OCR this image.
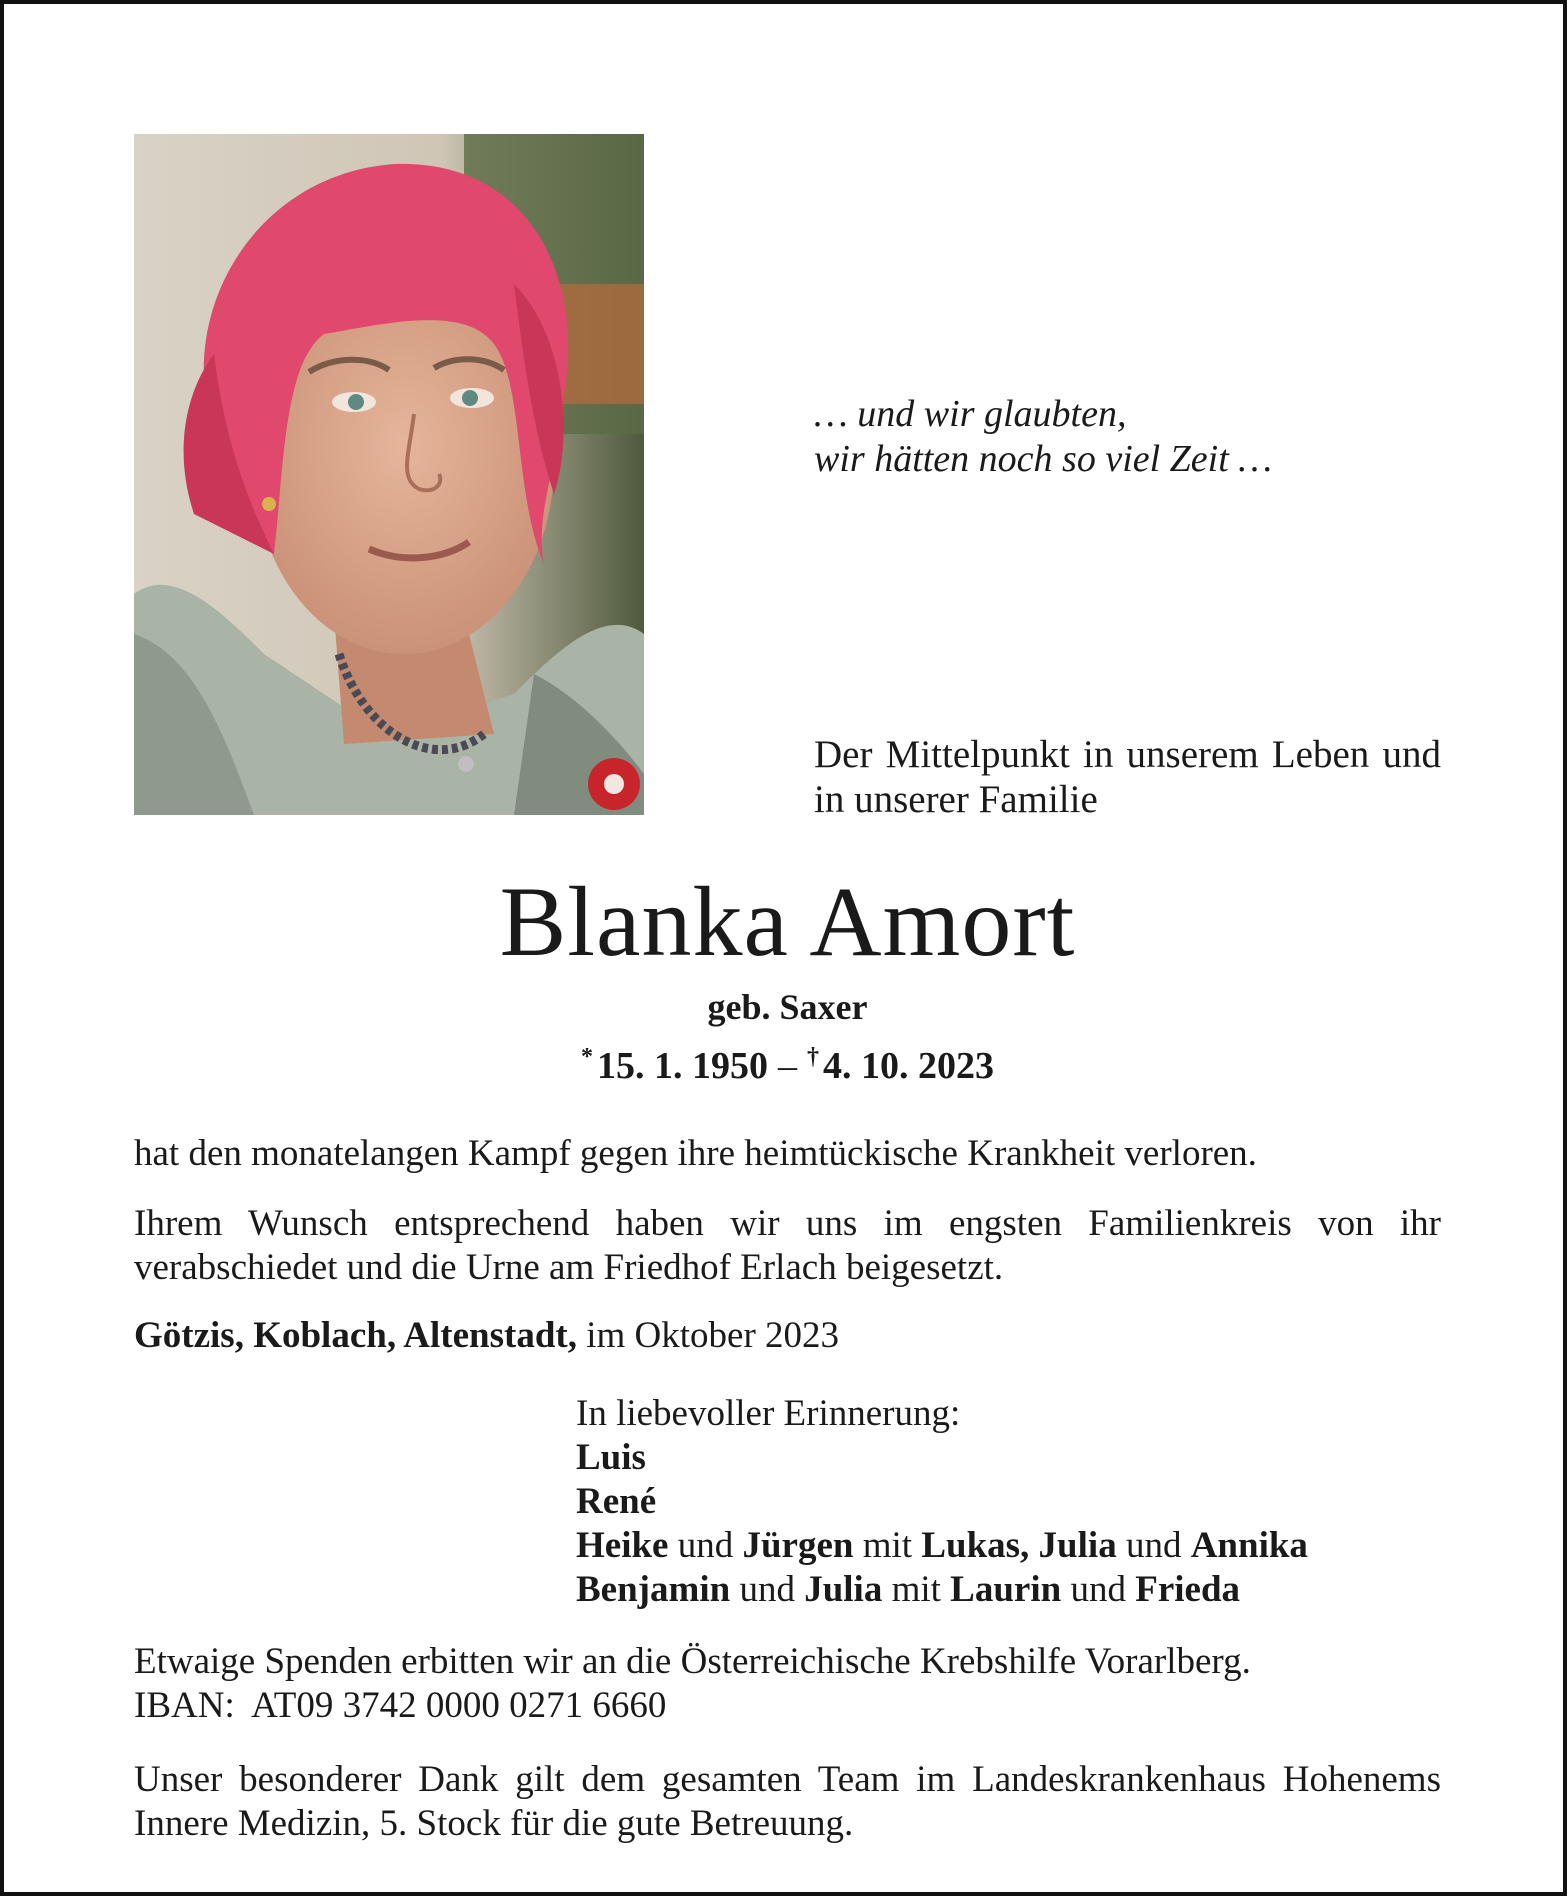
… und wir glaubten,
wir hätten noch so viel Zeit …
Der Mittelpunkt in unserem Leben und in unserer Familie
Blanka Amort
geb. Saxer
* 15. 1. 1950 – † 4. 10. 2023
hat den monatelangen Kampf gegen ihre heimtückische Krankheit verloren.
Ihrem Wunsch entsprechend haben wir uns im engsten Familienkreis von ihr verabschiedet und die Urne am Friedhof Erlach beigesetzt.
Götzis, Koblach, Altenstadt, im Oktober 2023
In liebevoller Erinnerung:
Luis
René
Heike und Jürgen mit Lukas, Julia und Annika
Benjamin und Julia mit Laurin und Frieda
Etwaige Spenden erbitten wir an die Österreichische Krebshilfe Vorarlberg.
IBAN:  AT09 3742 0000 0271 6660
Unser besonderer Dank gilt dem gesamten Team im Landeskrankenhaus Hohenems Innere Medizin, 5. Stock für die gute Betreuung.
